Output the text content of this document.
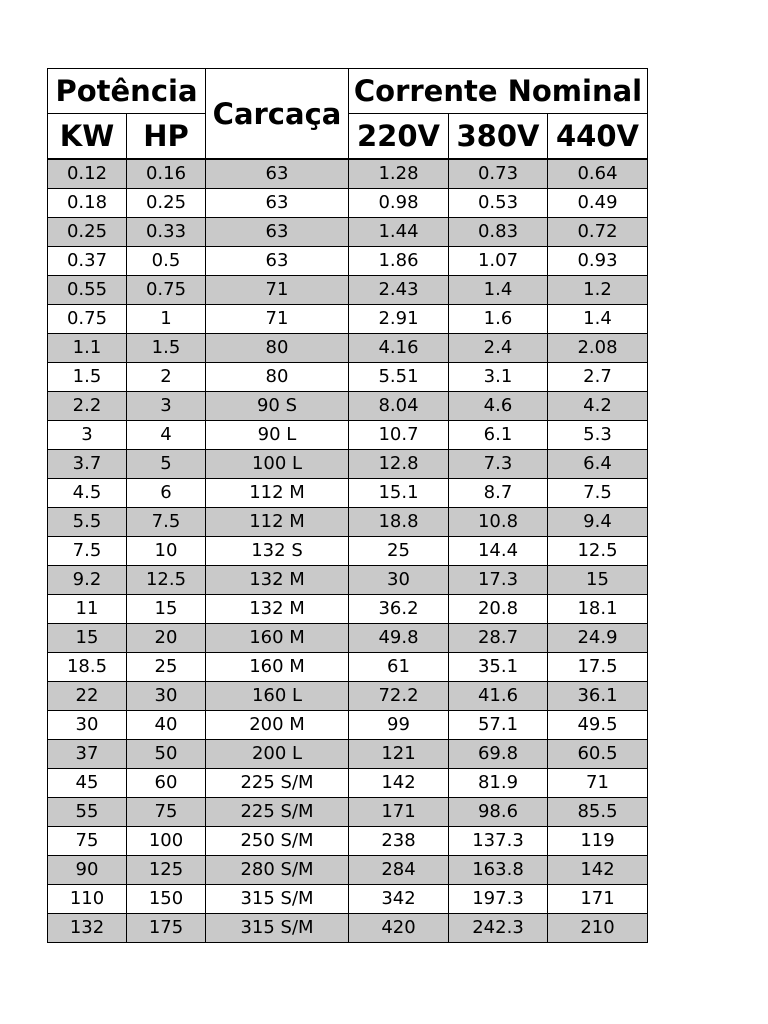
Potência		Carcaça	Corrente Nominal		
KW	HP		220V	380V	440V
0.12	0.16	63	1.28	0.73	0.64
0.18	0.25	63	0.98	0.53	0.49
0.25	0.33	63	1.44	0.83	0.72
0.37	0.5	63	1.86	1.07	0.93
0.55	0.75	71	2.43	1.4	1.2
0.75	1	71	2.91	1.6	1.4
1.1	1.5	80	4.16	2.4	2.08
1.5	2	80	5.51	3.1	2.7
2.2	3	90 S	8.04	4.6	4.2
3	4	90 L	10.7	6.1	5.3
3.7	5	100 L	12.8	7.3	6.4
4.5	6	112 M	15.1	8.7	7.5
5.5	7.5	112 M	18.8	10.8	9.4
7.5	10	132 S	25	14.4	12.5
9.2	12.5	132 M	30	17.3	15
11	15	132 M	36.2	20.8	18.1
15	20	160 M	49.8	28.7	24.9
18.5	25	160 M	61	35.1	17.5
22	30	160 L	72.2	41.6	36.1
30	40	200 M	99	57.1	49.5
37	50	200 L	121	69.8	60.5
45	60	225 S/M	142	81.9	71
55	75	225 S/M	171	98.6	85.5
75	100	250 S/M	238	137.3	119
90	125	280 S/M	284	163.8	142
110	150	315 S/M	342	197.3	171
132	175	315 S/M	420	242.3	210
